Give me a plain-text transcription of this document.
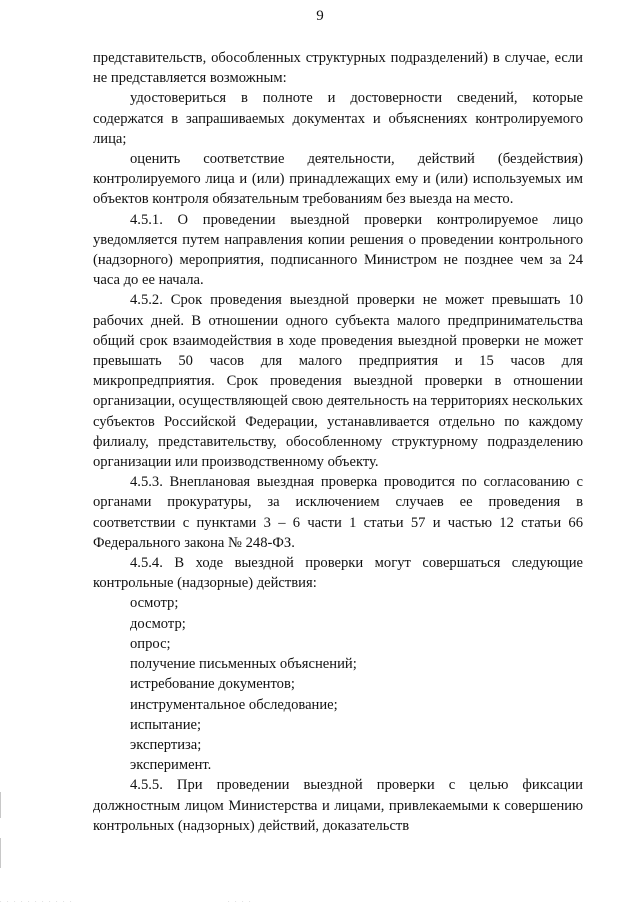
9

представительств, обособленных структурных подразделений) в случае, если не представляется возможным:

удостовериться в полноте и достоверности сведений, которые содержатся в запрашиваемых документах и объяснениях контролируемого лица;

оценить соответствие деятельности, действий (бездействия) контролируемого лица и (или) принадлежащих ему и (или) используемых им объектов контроля обязательным требованиям без выезда на место.

4.5.1. О проведении выездной проверки контролируемое лицо уведомляется путем направления копии решения о проведении контрольного (надзорного) мероприятия, подписанного Министром не позднее чем за 24 часа до ее начала.

4.5.2. Срок проведения выездной проверки не может превышать 10 рабочих дней. В отношении одного субъекта малого предпринимательства общий срок взаимодействия в ходе проведения выездной проверки не может превышать 50 часов для малого предприятия и 15 часов для микропредприятия. Срок проведения выездной проверки в отношении организации, осуществляющей свою деятельность на территориях нескольких субъектов Российской Федерации, устанавливается отдельно по каждому филиалу, представительству, обособленному структурному подразделению организации или производственному объекту.

4.5.3. Внеплановая выездная проверка проводится по согласованию с органами прокуратуры, за исключением случаев ее проведения в соответствии с пунктами 3 – 6 части 1 статьи 57 и частью 12 статьи 66 Федерального закона № 248-ФЗ.

4.5.4. В ходе выездной проверки могут совершаться следующие контрольные (надзорные) действия:

осмотр;

досмотр;

опрос;

получение письменных объяснений;

истребование документов;

инструментальное обследование;

испытание;

экспертиза;

эксперимент.

4.5.5. При проведении выездной проверки с целью фиксации должностным лицом Министерства и лицами, привлекаемыми к совершению контрольных (надзорных) действий, доказательств

. . . . . . . . . . .	. . . .
